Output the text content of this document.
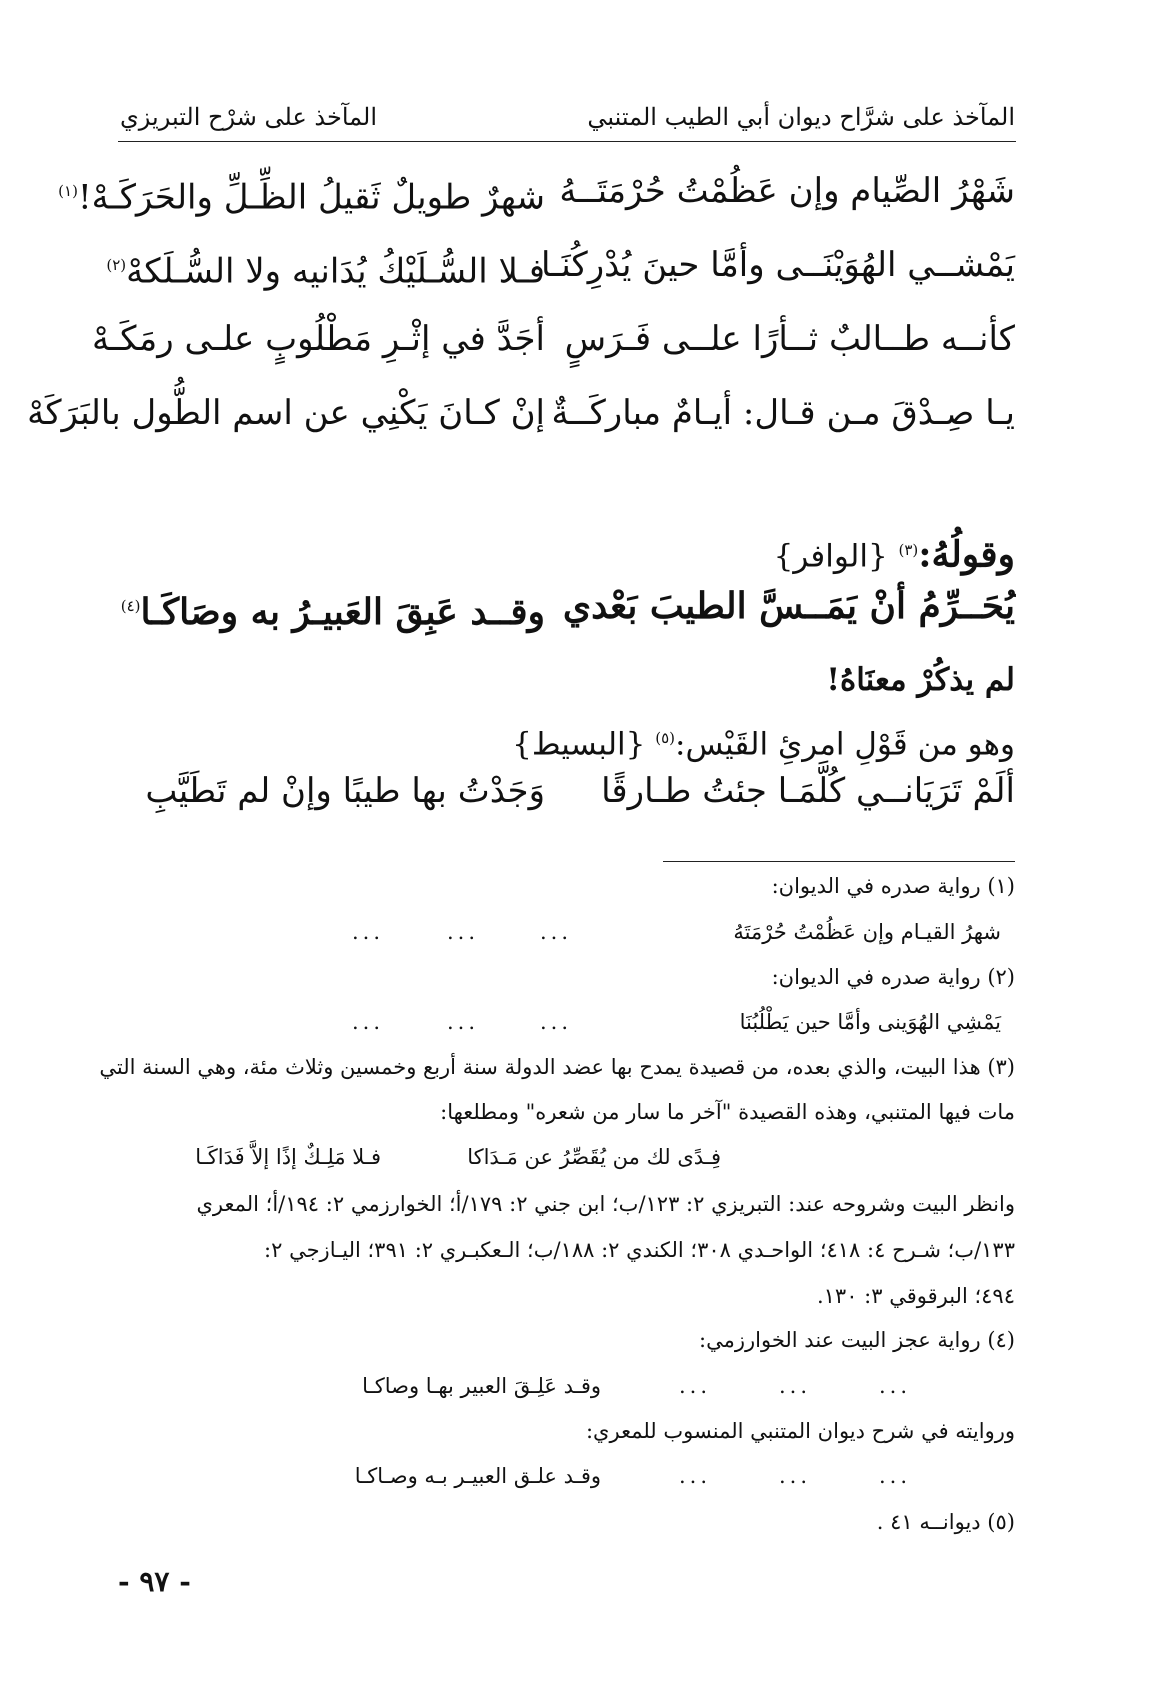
المآخذ على شرَّاح ديوان أبي الطيب المتنبي
المآخذ على شرْح التبريزي
شَهْرُ الصِّيام وإن عَظُمْتُ حُرْمَتَــهُ
شهرٌ طويلٌ ثَقيلُ الظِّـلِّ والحَرَكَـهْ!$^{(١)}$
يَمْشــي الهُوَيْنَــى وأمَّا حينَ يُدْرِكُنَـا
فـلا السُّـلَيْكُ يُدَانيه ولا السُّـلَكهْ$^{(٢)}$
كأنــه طــالبٌ ثــأرًا علــى فَـرَسٍ
أجَدَّ في إثْـرِ مَطْلُوبٍ علـى رمَكَـهْ
يـا صِـدْقَ مـن قـال: أيـامٌ مباركَــةٌ
إنْ كـانَ يَكْنِي عن اسم الطُّول بالبَرَكَهْ
وقولُهُ:$^{(٣)}$ {الوافر}
يُحَــرِّمُ أنْ يَمَــسَّ الطيبَ بَعْدي
وقــد عَبِقَ العَبيـرُ به وصَاكَـا$^{(٤)}$
لم يذكُرْ معنَاهُ!
وهو من قَوْلِ امرئِ القَيْس:$^{(٥)}$ {البسيط}
ألَمْ تَرَيَانــي كُلَّمَـا جئتُ طـارقًا
وَجَدْتُ بها طيبًا وإنْ لم تَطَيَّبِ
(١) رواية صدره في الديوان:
شهرُ القيـام وإن عَظُمْتُ حُرْمَتَهُ
...
...
...
(٢) رواية صدره في الديوان:
يَمْشِي الهُوَينى وأمَّا حين يَطْلُبُنَا
...
...
...
(٣) هذا البيت، والذي بعده، من قصيدة يمدح بها عضد الدولة سنة أربع وخمسين وثلاث مئة، وهي السنة التي
مات فيها المتنبي، وهذه القصيدة "آخر ما سار من شعره" ومطلعها:
فِـدًى لك من يُقَصِّرُ عن مَـدَاكا
فـلا مَلِـكٌ إذًا إلاَّ فَدَاكَـا
وانظر البيت وشروحه عند: التبريزي ٢: ١٢٣/ب؛ ابن جني ٢: ١٧٩/أ؛ الخوارزمي ٢: ١٩٤/أ؛ المعري
١٣٣/ب؛ شـرح ٤: ٤١٨؛ الواحـدي ٣٠٨؛ الكندي ٢: ١٨٨/ب؛ الـعكبـري ٢: ٣٩١؛ اليـازجي ٢:
٤٩٤؛ البرقوقي ٣: ١٣٠.
(٤) رواية عجز البيت عند الخوارزمي:
...
...
...
وقـد عَلِـقَ العبير بهـا وصاكـا
وروايته في شرح ديوان المتنبي المنسوب للمعري:
...
...
...
وقـد علـق العبيـر بـه وصـاكـا
(٥) ديوانــه ٤١ .
- ٩٧ -
